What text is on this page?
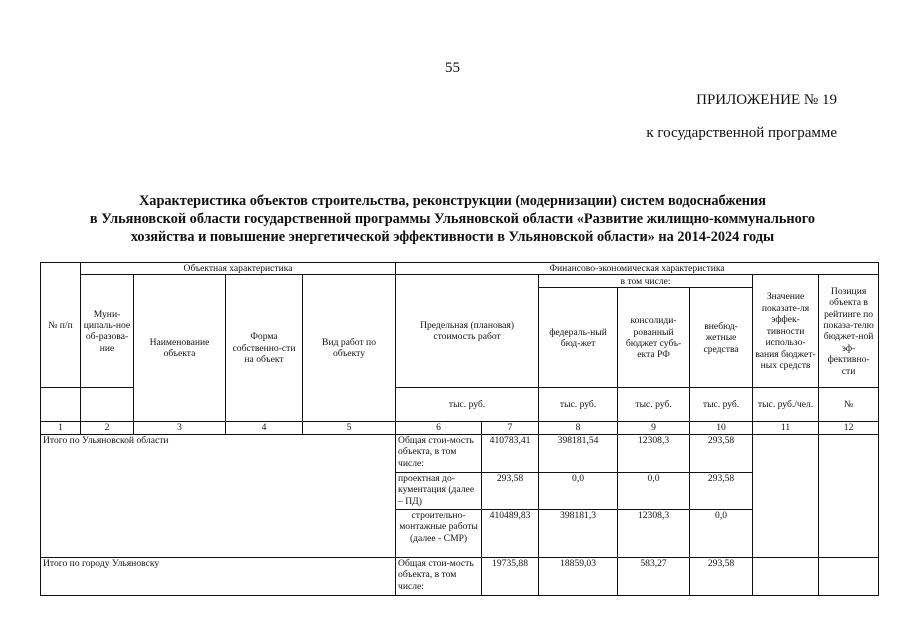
55
ПРИЛОЖЕНИЕ № 19
к государственной программе
Характеристика объектов строительства, реконструкции (модернизации) систем водоснабжения
в Ульяновской области государственной программы Ульяновской области «Развитие жилищно-коммунального
хозяйства и повышение энергетической эффективности в Ульяновской области» на 2014-2024 годы
№ п/п	Объектная характеристика				Финансово-экономическая характеристика						
	Муни-ципаль-ное об-разова-ние	Наименование объекта	Форма собственно-сти на объект	Вид работ по объекту	Предельная (плановая) стоимость работ		в том числе:			Значение показате-ля эффек-тивности использо-вания бюджет-ных средств	Позиция объекта в рейтинге по показа-телю бюджет-ной эф-фективно-сти
							федераль-ный бюд-жет	консолиди-рованный бюджет субъ-екта РФ	внебюд-жетные средства		
					тыс. руб.		тыс. руб.	тыс. руб.	тыс. руб.	тыс. руб./чел.	№
1	2	3	4	5	6	7	8	9	10	11	12
Итого по Ульяновской области					Общая стои-мость объекта, в том числе:	410783,41	398181,54	12308,3	293,58		
					проектная до-кументация (далее – ПД)	293,58	0,0	0,0	293,58		
					строительно-монтажные работы (далее - СМР)	410489,83	398181,3	12308,3	0,0		
Итого по городу Ульяновску					Общая стои-мость объекта, в том числе:	19735,88	18859,03	583,27	293,58		
